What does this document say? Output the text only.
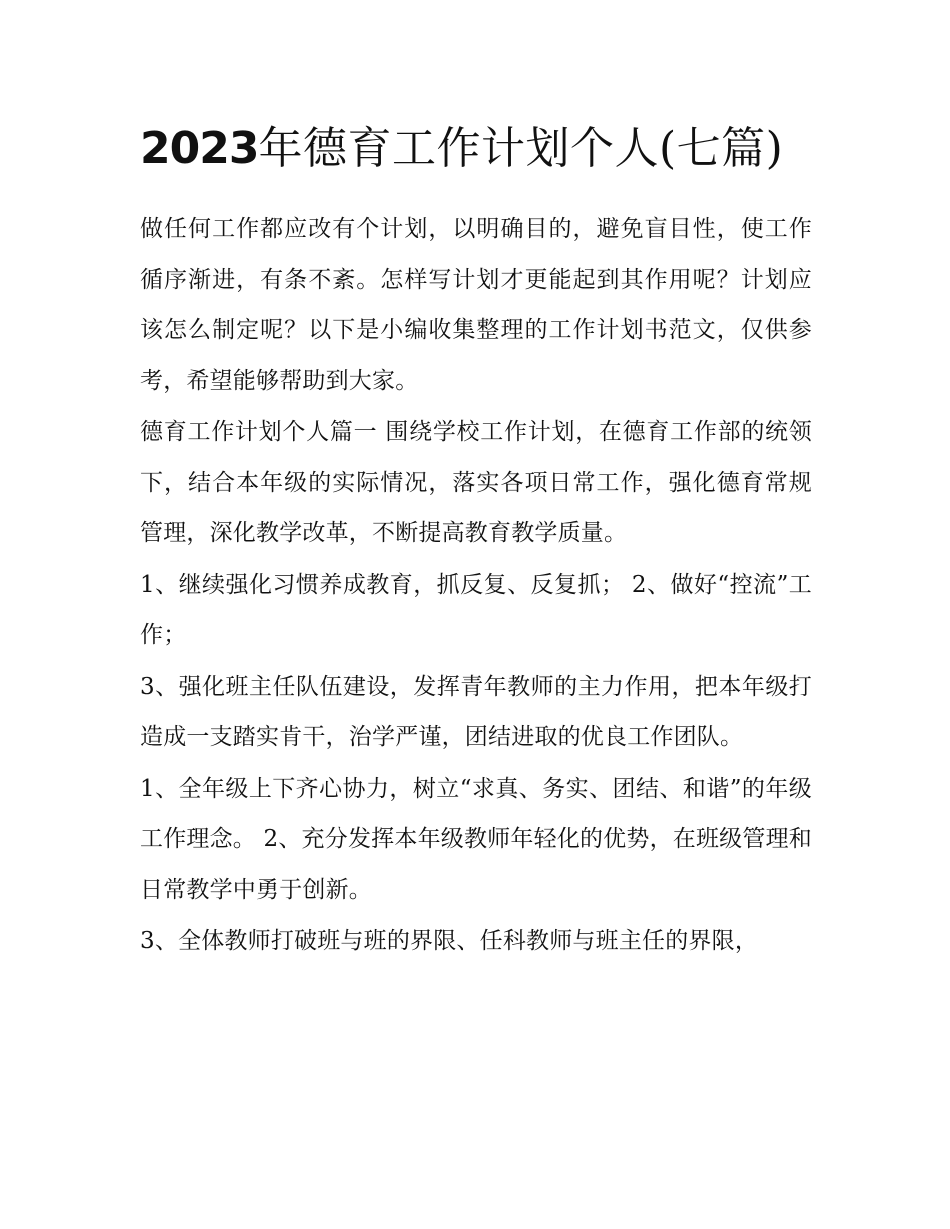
2023年德育工作计划个人(七篇)

做任何工作都应改有个计划，以明确目的，避免盲目性，使工作循序渐进，有条不紊。怎样写计划才更能起到其作用呢？计划应该怎么制定呢？以下是小编收集整理的工作计划书范文，仅供参考，希望能够帮助到大家。

德育工作计划个人篇一 围绕学校工作计划，在德育工作部的统领下，结合本年级的实际情况，落实各项日常工作，强化德育常规管理，深化教学改革，不断提高教育教学质量。

1、继续强化习惯养成教育，抓反复、反复抓； 2、做好“控流”工作；

3、强化班主任队伍建设，发挥青年教师的主力作用，把本年级打造成一支踏实肯干，治学严谨，团结进取的优良工作团队。

1、全年级上下齐心协力，树立“求真、务实、团结、和谐”的年级工作理念。 2、充分发挥本年级教师年轻化的优势，在班级管理和日常教学中勇于创新。

3、全体教师打破班与班的界限、任科教师与班主任的界限，
